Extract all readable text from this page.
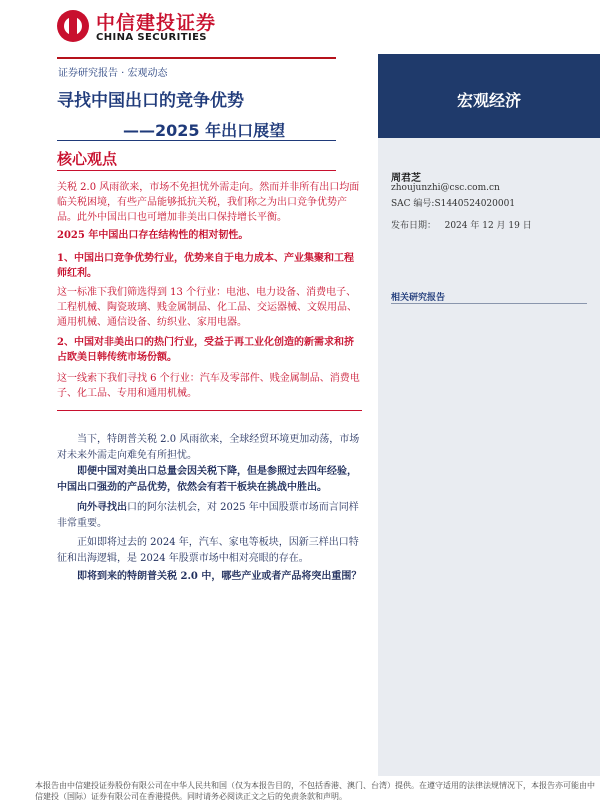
中信建投证券
CHINA SECURITIES
证券研究报告 · 宏观动态
寻找中国出口的竞争优势
——2025 年出口展望
核心观点

关税 2.0 风雨欲来，市场不免担忧外需走向。然而并非所有出口均面临关税困境，有些产品能够抵抗关税，我们称之为出口竞争优势产品。此外中国出口也可增加非美出口保持增长平衡。

2025 年中国出口存在结构性的相对韧性。

1、中国出口竞争优势行业，优势来自于电力成本、产业集聚和工程师红利。

这一标准下我们筛选得到 13 个行业：电池、电力设备、消费电子、工程机械、陶瓷玻璃、贱金属制品、化工品、交运器械、文娱用品、通用机械、通信设备、纺织业、家用电器。

2、中国对非美出口的热门行业，受益于再工业化创造的新需求和挤占欧美日韩传统市场份额。

这一线索下我们寻找 6 个行业：汽车及零部件、贱金属制品、消费电子、化工品、专用和通用机械。

当下，特朗普关税 2.0 风雨欲来，全球经贸环境更加动荡，市场对未来外需走向难免有所担忧。

即便中国对美出口总量会因关税下降，但是参照过去四年经验，中国出口强劲的产品优势，依然会有若干板块在挑战中胜出。

向外寻找出口的阿尔法机会，对 2025 年中国股票市场而言同样非常重要。

正如即将过去的 2024 年，汽车、家电等板块，因新三样出口特征和出海逻辑，是 2024 年股票市场中相对亮眼的存在。

即将到来的特朗普关税 2.0 中，哪些产业或者产品将突出重围？

宏观经济
周君芝
zhoujunzhi@csc.com.cn
SAC 编号:S1440524020001
发布日期： 2024 年 12 月 19 日
相关研究报告
本报告由中信建投证券股份有限公司在中华人民共和国（仅为本报告目的，不包括香港、澳门、台湾）提供。在遵守适用的法律法规情况下，本报告亦可能由中信建投（国际）证券有限公司在香港提供。同时请务必阅读正文之后的免责条款和声明。
